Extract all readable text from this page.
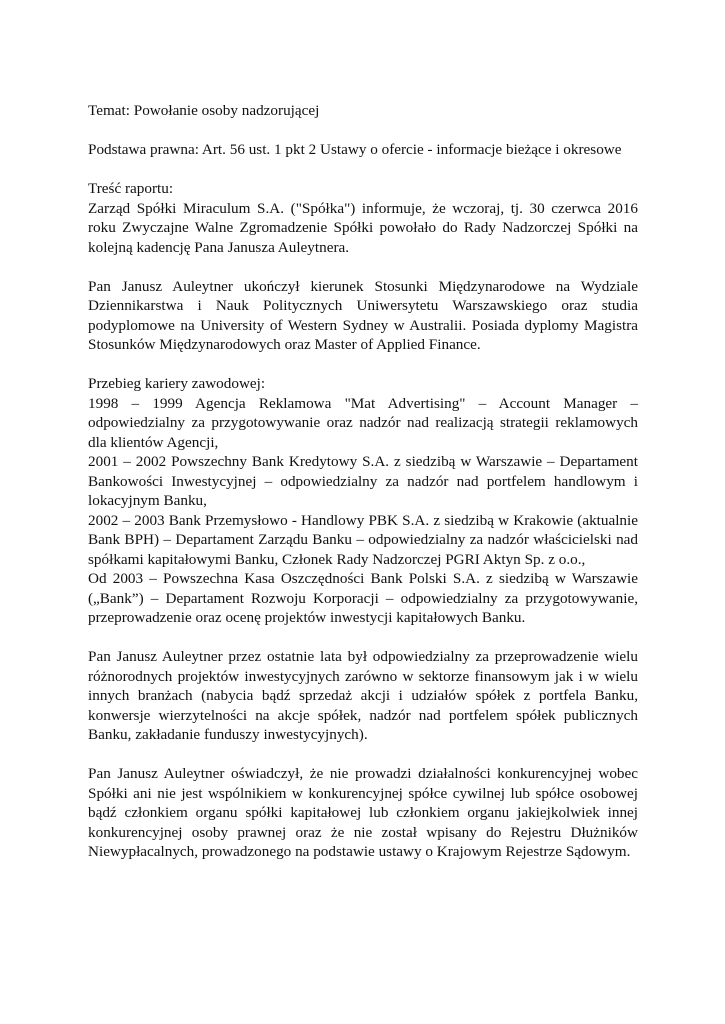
Temat: Powołanie osoby nadzorującej

Podstawa prawna: Art. 56 ust. 1 pkt 2 Ustawy o ofercie - informacje bieżące i okresowe

Treść raportu:
Zarząd Spółki Miraculum S.A. ("Spółka") informuje, że wczoraj, tj. 30 czerwca 2016 roku Zwyczajne Walne Zgromadzenie Spółki powołało do Rady Nadzorczej Spółki na kolejną kadencję Pana Janusza Auleytnera.

Pan Janusz Auleytner ukończył kierunek Stosunki Międzynarodowe na Wydziale Dziennikarstwa i Nauk Politycznych Uniwersytetu Warszawskiego oraz studia podyplomowe na University of Western Sydney w Australii. Posiada dyplomy Magistra Stosunków Międzynarodowych oraz Master of Applied Finance.

Przebieg kariery zawodowej:
1998 – 1999 Agencja Reklamowa "Mat Advertising" – Account Manager – odpowiedzialny za przygotowywanie oraz nadzór nad realizacją strategii reklamowych dla klientów Agencji,
2001 – 2002 Powszechny Bank Kredytowy S.A. z siedzibą w Warszawie – Departament Bankowości Inwestycyjnej – odpowiedzialny za nadzór nad portfelem handlowym i lokacyjnym Banku,
2002 – 2003 Bank Przemysłowo - Handlowy PBK S.A. z siedzibą w Krakowie (aktualnie Bank BPH) – Departament Zarządu Banku – odpowiedzialny za nadzór właścicielski nad spółkami kapitałowymi Banku, Członek Rady Nadzorczej PGRI Aktyn Sp. z o.o.,
Od 2003 – Powszechna Kasa Oszczędności Bank Polski S.A. z siedzibą w Warszawie („Bank”) – Departament Rozwoju Korporacji – odpowiedzialny za przygotowywanie, przeprowadzenie oraz ocenę projektów inwestycji kapitałowych Banku.

Pan Janusz Auleytner przez ostatnie lata był odpowiedzialny za przeprowadzenie wielu różnorodnych projektów inwestycyjnych zarówno w sektorze finansowym jak i w wielu innych branżach (nabycia bądź sprzedaż akcji i udziałów spółek z portfela Banku, konwersje wierzytelności na akcje spółek, nadzór nad portfelem spółek publicznych Banku, zakładanie funduszy inwestycyjnych).

Pan Janusz Auleytner oświadczył, że nie prowadzi działalności konkurencyjnej wobec Spółki ani nie jest wspólnikiem w konkurencyjnej spółce cywilnej lub spółce osobowej bądź członkiem organu spółki kapitałowej lub członkiem organu jakiejkolwiek innej konkurencyjnej osoby prawnej oraz że nie został wpisany do Rejestru Dłużników Niewypłacalnych, prowadzonego na podstawie ustawy o Krajowym Rejestrze Sądowym.
